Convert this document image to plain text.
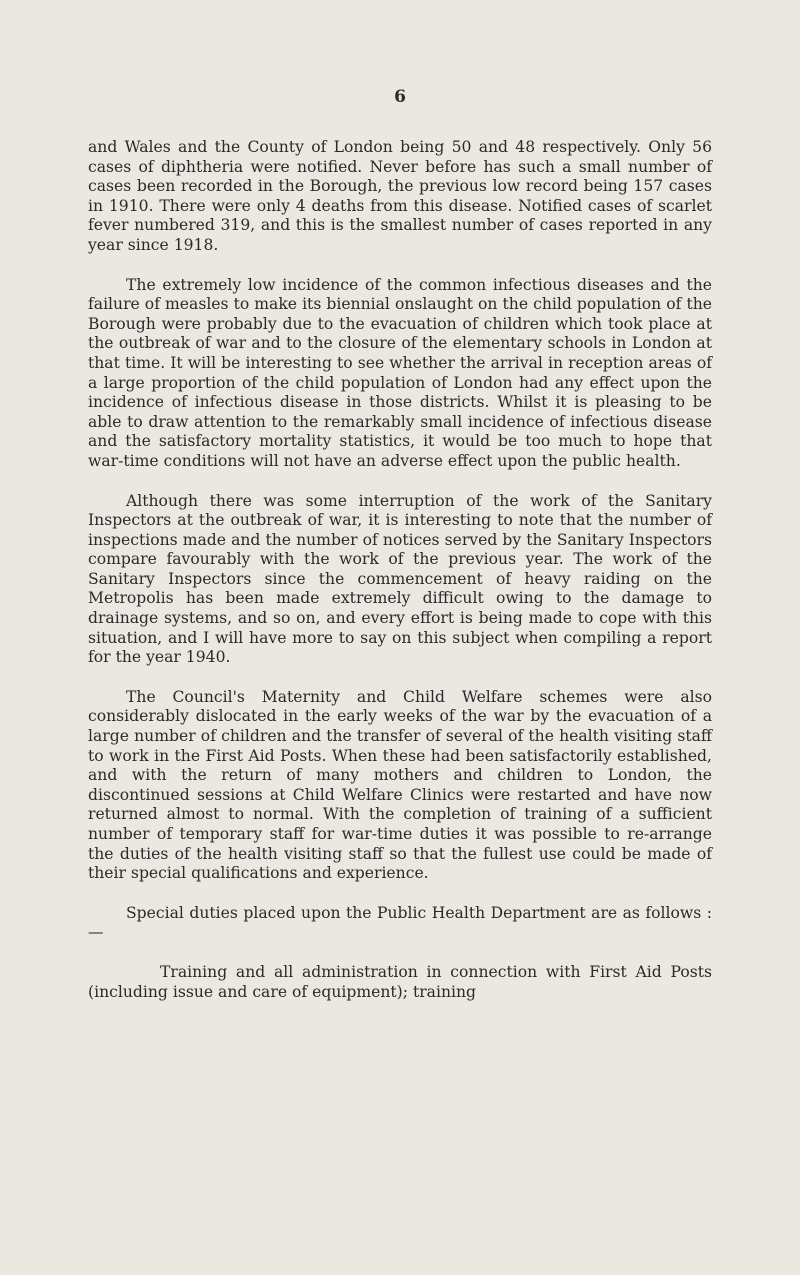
6

and Wales and the County of London being 50 and 48 respectively. Only 56 cases of diphtheria were notified. Never before has such a small number of cases been recorded in the Borough, the previous low record being 157 cases in 1910. There were only 4 deaths from this disease. Notified cases of scarlet fever numbered 319, and this is the smallest number of cases reported in any year since 1918.

The extremely low incidence of the common infectious diseases and the failure of measles to make its biennial onslaught on the child population of the Borough were probably due to the evacuation of children which took place at the outbreak of war and to the closure of the elementary schools in London at that time. It will be interesting to see whether the arrival in reception areas of a large proportion of the child population of London had any effect upon the incidence of infectious disease in those districts. Whilst it is pleasing to be able to draw attention to the remarkably small incidence of infectious disease and the satisfactory mortality statistics, it would be too much to hope that war-time conditions will not have an adverse effect upon the public health.

Although there was some interruption of the work of the Sanitary Inspectors at the outbreak of war, it is interesting to note that the number of inspections made and the number of notices served by the Sanitary Inspectors compare favourably with the work of the previous year. The work of the Sanitary Inspectors since the commencement of heavy raiding on the Metropolis has been made extremely difficult owing to the damage to drainage systems, and so on, and every effort is being made to cope with this situation, and I will have more to say on this subject when compiling a report for the year 1940.

The Council's Maternity and Child Welfare schemes were also considerably dislocated in the early weeks of the war by the evacuation of a large number of children and the transfer of several of the health visiting staff to work in the First Aid Posts. When these had been satisfactorily established, and with the return of many mothers and children to London, the discontinued sessions at Child Welfare Clinics were restarted and have now returned almost to normal. With the completion of training of a sufficient number of temporary staff for war-time duties it was possible to re-arrange the duties of the health visiting staff so that the fullest use could be made of their special qualifications and experience.

Special duties placed upon the Public Health Department are as follows :—

Training and all administration in connection with First Aid Posts (including issue and care of equipment); training
